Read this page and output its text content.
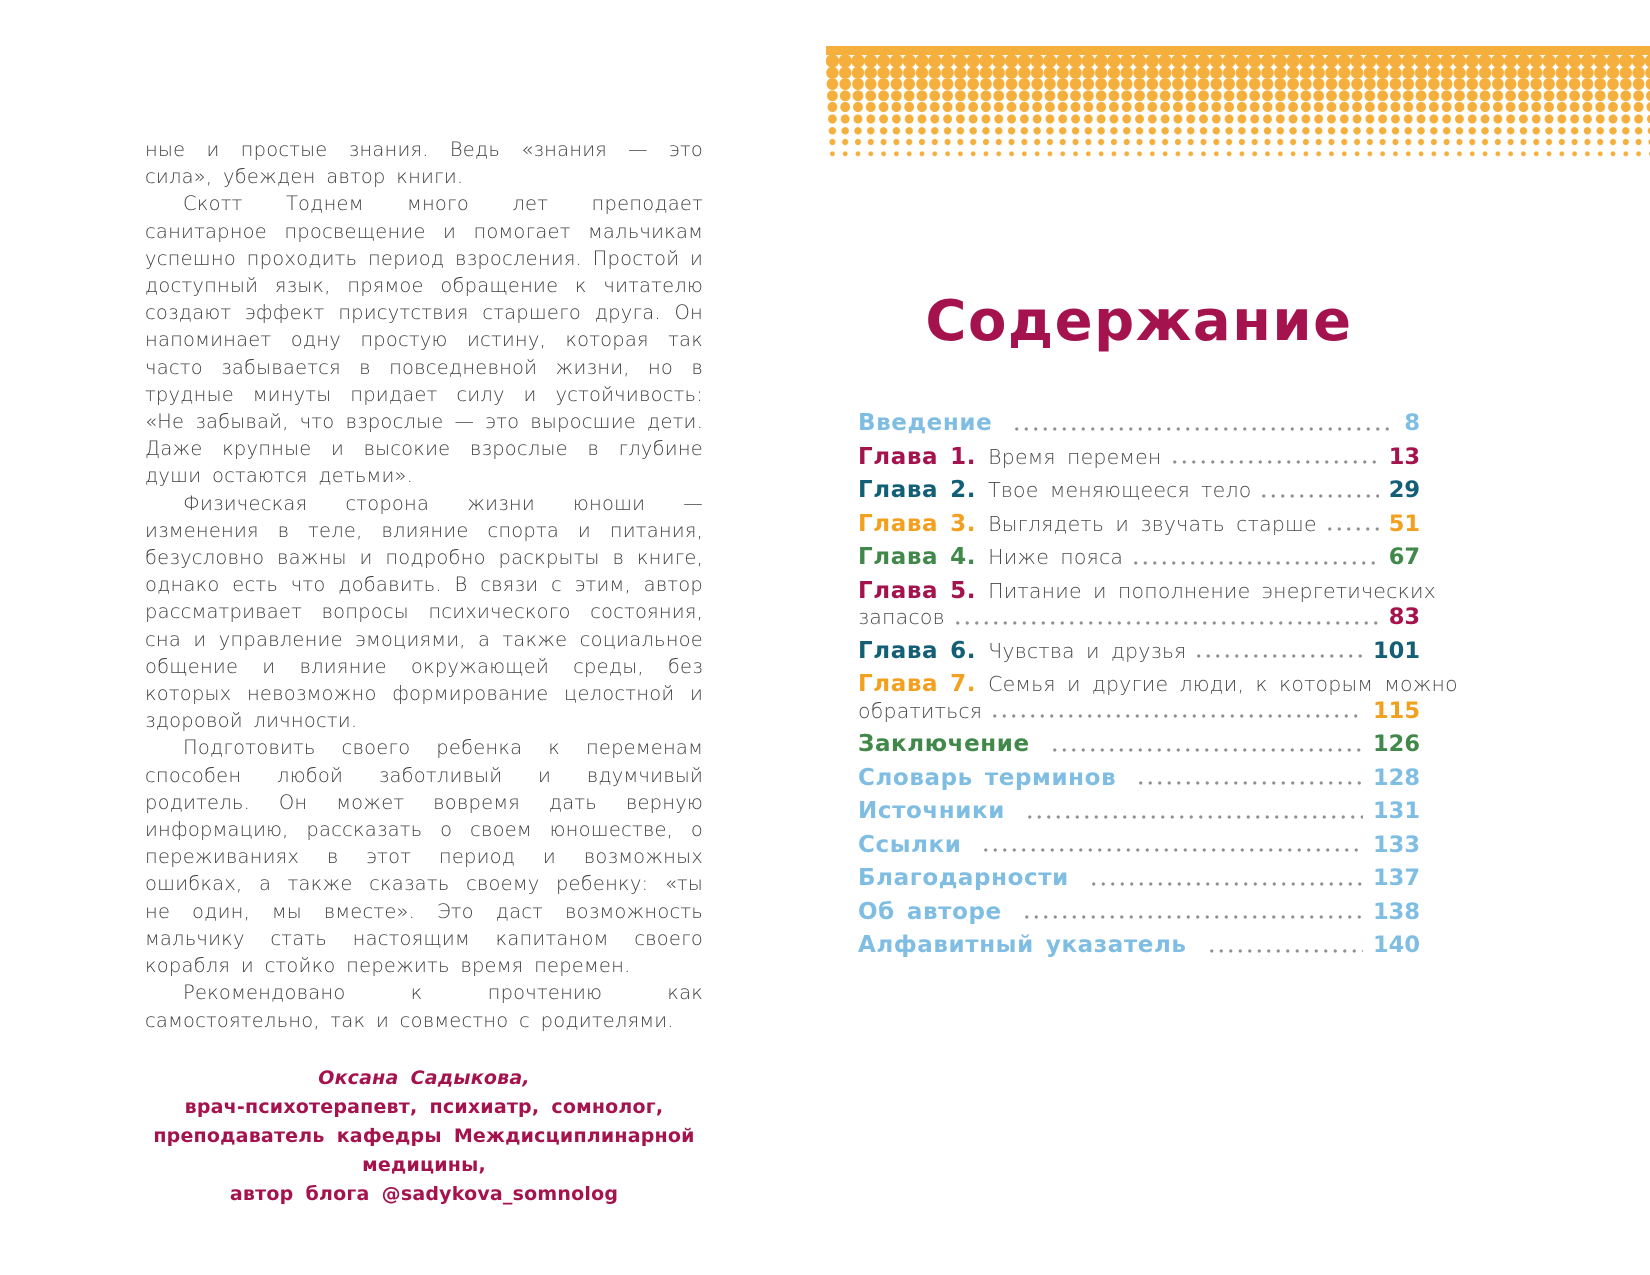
ные и простые знания. Ведь «знания — это сила», убежден автор книги.

Скотт Тоднем много лет преподает санитарное просвещение и помогает мальчикам успешно проходить период взросления. Простой и доступный язык, прямое обращение к читателю создают эффект присутствия старшего друга. Он напоминает одну простую истину, которая так часто забывается в повседневной жизни, но в трудные минуты придает силу и устойчивость: «Не забывай, что взрослые — это выросшие дети. Даже крупные и высокие взрослые в глубине души остаются детьми».

Физическая сторона жизни юноши — изменения в теле, влияние спорта и питания, безусловно важны и подробно раскрыты в книге, однако есть что добавить. В связи с этим, автор рассматривает вопросы психического состояния, сна и управление эмоциями, а также социальное общение и влияние окружающей среды, без которых невозможно формирование целостной и здоровой личности.

Подготовить своего ребенка к переменам способен любой заботливый и вдумчивый родитель. Он может вовремя дать верную информацию, рассказать о своем юношестве, о переживаниях в этот период и возможных ошибках, а также сказать своему ребенку: «ты не один, мы вместе». Это даст возможность мальчику стать настоящим капитаном своего корабля и стойко пережить время перемен.

Рекомендовано к прочтению как самостоятельно, так и совместно с родителями.

Оксана Садыкова,
врач-психотерапевт, психиатр, сомнолог,
преподаватель кафедры Междисциплинарной медицины,
автор блога @sadykova_somnolog
Содержание
Введение	8
Глава 1. Время перемен	13
Глава 2. Твое меняющееся тело	29
Глава 3. Выглядеть и звучать старше	51
Глава 4. Ниже пояса	67
Глава 5. Питание и пополнение энергетических
запасов	83
Глава 6. Чувства и друзья	101
Глава 7. Семья и другие люди, к которым можно
обратиться	115
Заключение	126
Словарь терминов	128
Источники	131
Ссылки	133
Благодарности	137
Об авторе	138
Алфавитный указатель	140
